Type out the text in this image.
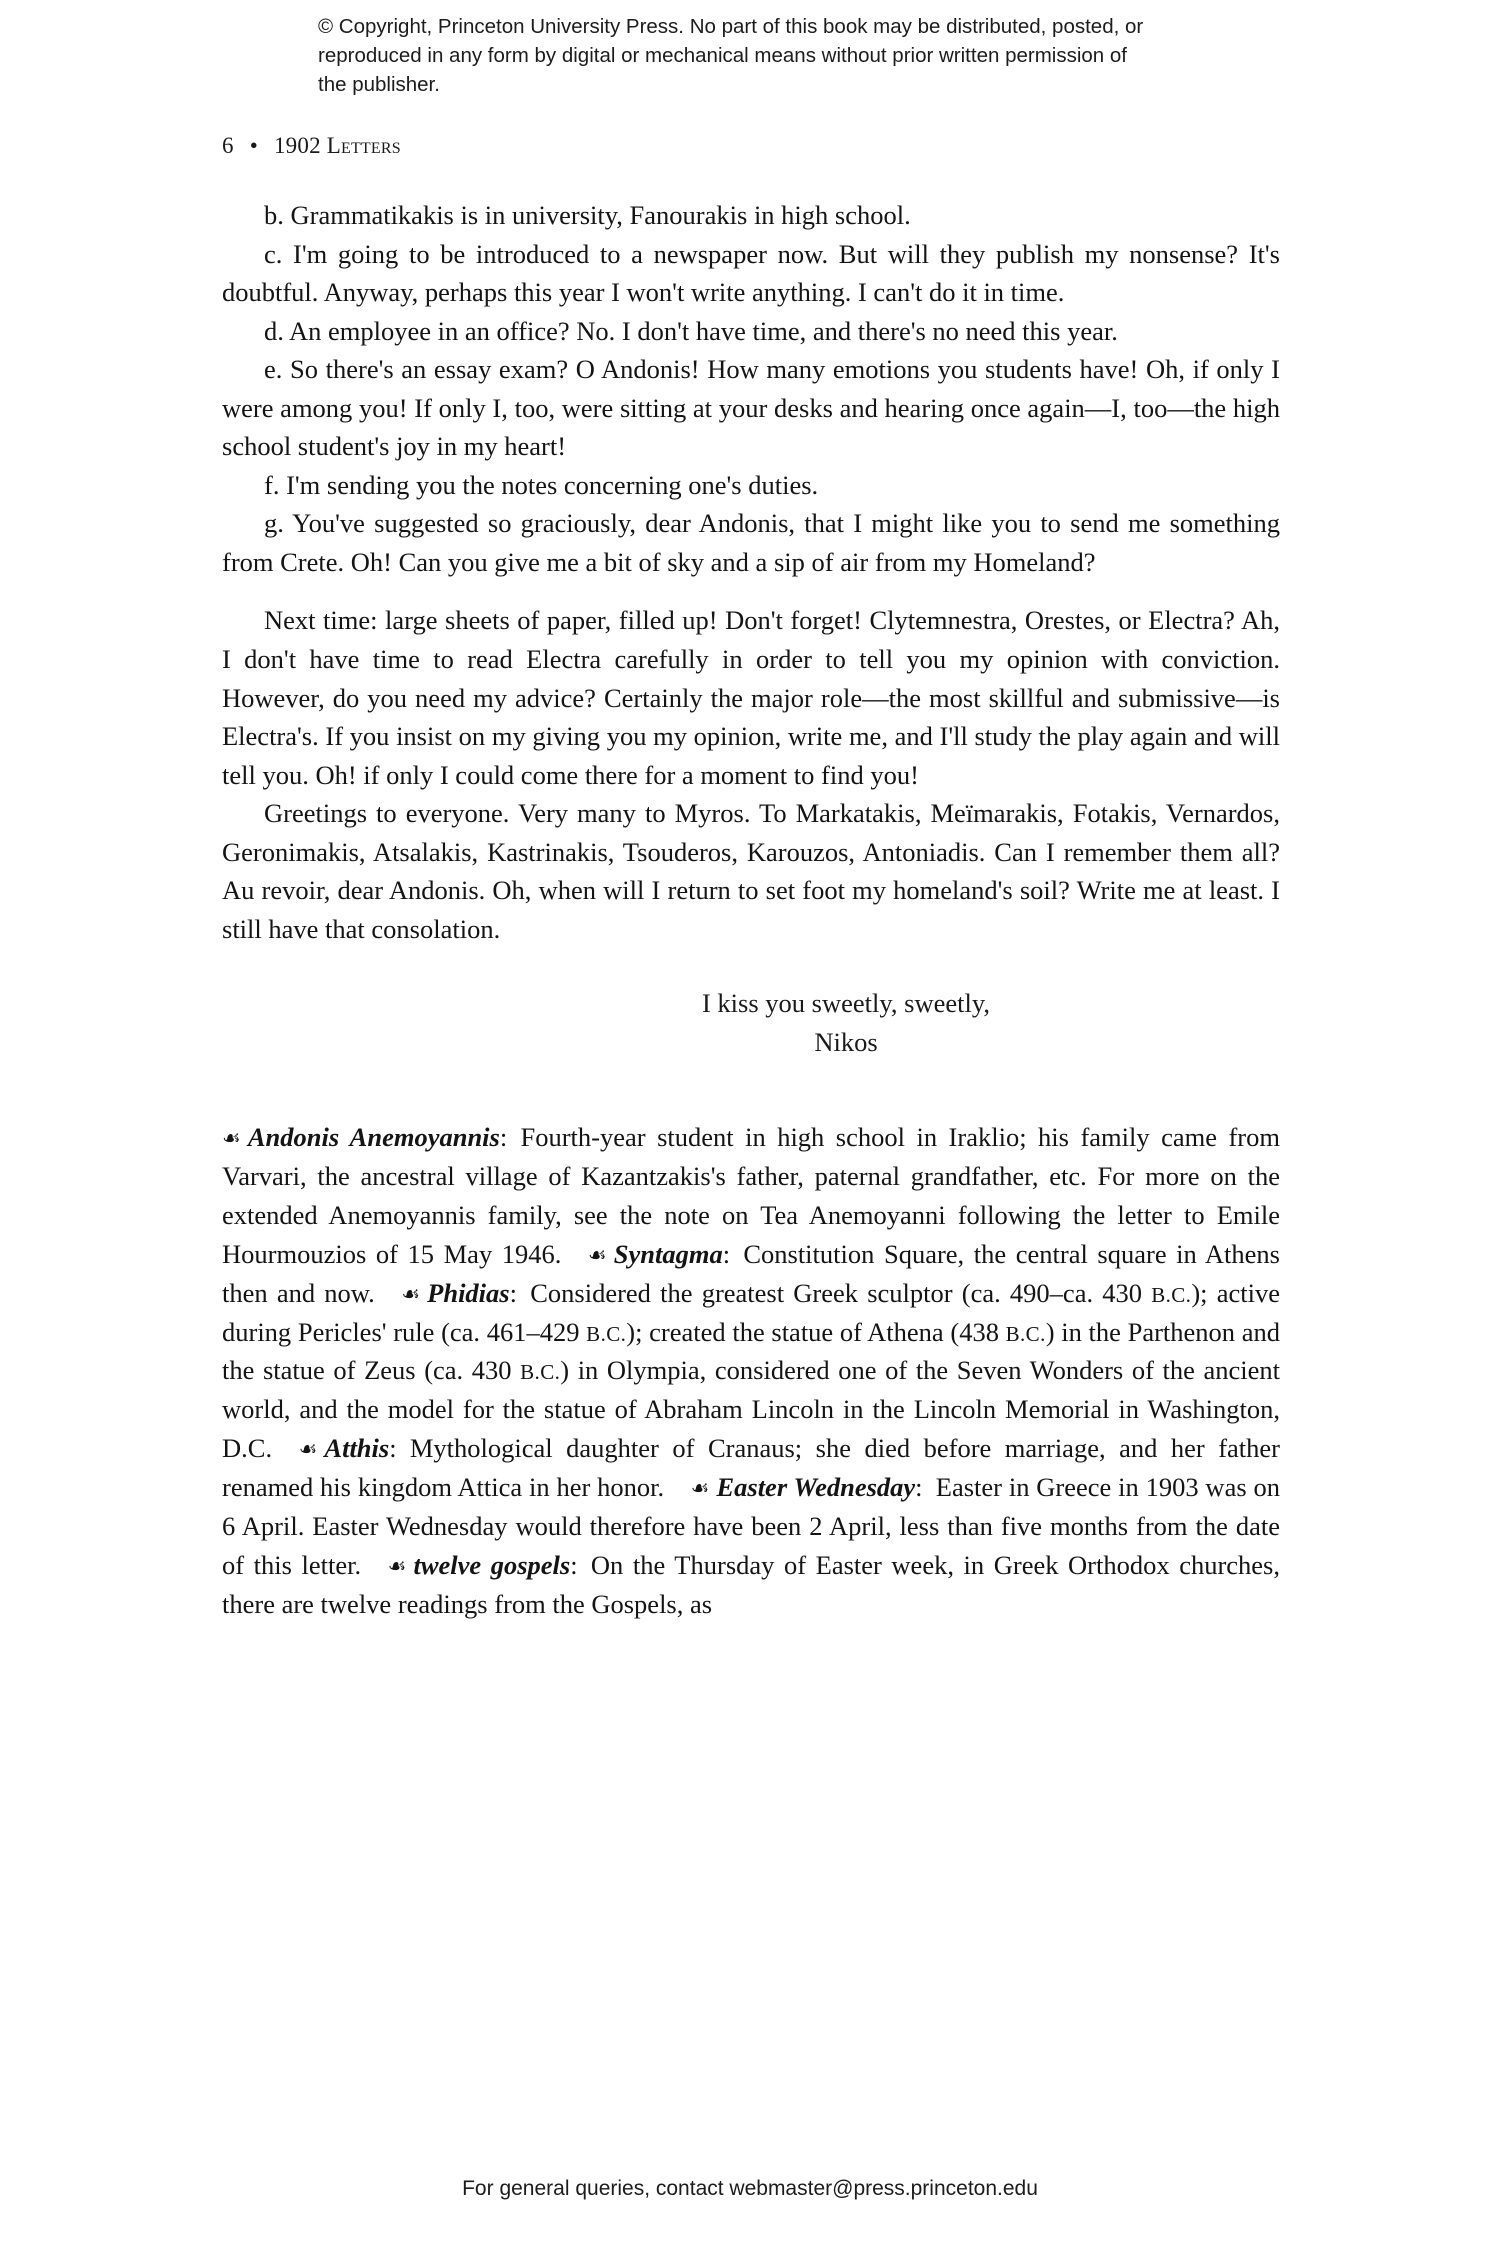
© Copyright, Princeton University Press. No part of this book may be distributed, posted, or reproduced in any form by digital or mechanical means without prior written permission of the publisher.
6 • 1902 Letters

b. Grammatikakis is in university, Fanourakis in high school.

c. I'm going to be introduced to a newspaper now. But will they publish my nonsense? It's doubtful. Anyway, perhaps this year I won't write anything. I can't do it in time.

d. An employee in an office? No. I don't have time, and there's no need this year.

e. So there's an essay exam? O Andonis! How many emotions you students have! Oh, if only I were among you! If only I, too, were sitting at your desks and hearing once again—I, too—the high school student's joy in my heart!

f. I'm sending you the notes concerning one's duties.

g. You've suggested so graciously, dear Andonis, that I might like you to send me something from Crete. Oh! Can you give me a bit of sky and a sip of air from my Homeland?

Next time: large sheets of paper, filled up! Don't forget! Clytemnestra, Orestes, or Electra? Ah, I don't have time to read Electra carefully in order to tell you my opinion with conviction. However, do you need my advice? Certainly the major role—the most skillful and submissive—is Electra's. If you insist on my giving you my opinion, write me, and I'll study the play again and will tell you. Oh! if only I could come there for a moment to find you!

Greetings to everyone. Very many to Myros. To Markatakis, Meïmarakis, Fotakis, Vernardos, Geronimakis, Atsalakis, Kastrinakis, Tsouderos, Karouzos, Antoniadis. Can I remember them all? Au revoir, dear Andonis. Oh, when will I return to set foot my homeland's soil? Write me at least. I still have that consolation.

I kiss you sweetly, sweetly,
Nikos

☙ Andonis Anemoyannis: Fourth-year student in high school in Iraklio; his family came from Varvari, the ancestral village of Kazantzakis's father, paternal grandfather, etc. For more on the extended Anemoyannis family, see the note on Tea Anemoyanni following the letter to Emile Hourmouzios of 15 May 1946.   ☙ Syntagma: Constitution Square, the central square in Athens then and now.   ☙ Phidias: Considered the greatest Greek sculptor (ca. 490–ca. 430 B.C.); active during Pericles' rule (ca. 461–429 B.C.); created the statue of Athena (438 B.C.) in the Parthenon and the statue of Zeus (ca. 430 B.C.) in Olympia, considered one of the Seven Wonders of the ancient world, and the model for the statue of Abraham Lincoln in the Lincoln Memorial in Washington, D.C.   ☙ Atthis: Mythological daughter of Cranaus; she died before marriage, and her father renamed his kingdom Attica in her honor.   ☙ Easter Wednesday: Easter in Greece in 1903 was on 6 April. Easter Wednesday would therefore have been 2 April, less than five months from the date of this letter.   ☙ twelve gospels: On the Thursday of Easter week, in Greek Orthodox churches, there are twelve readings from the Gospels, as

For general queries, contact webmaster@press.princeton.edu
